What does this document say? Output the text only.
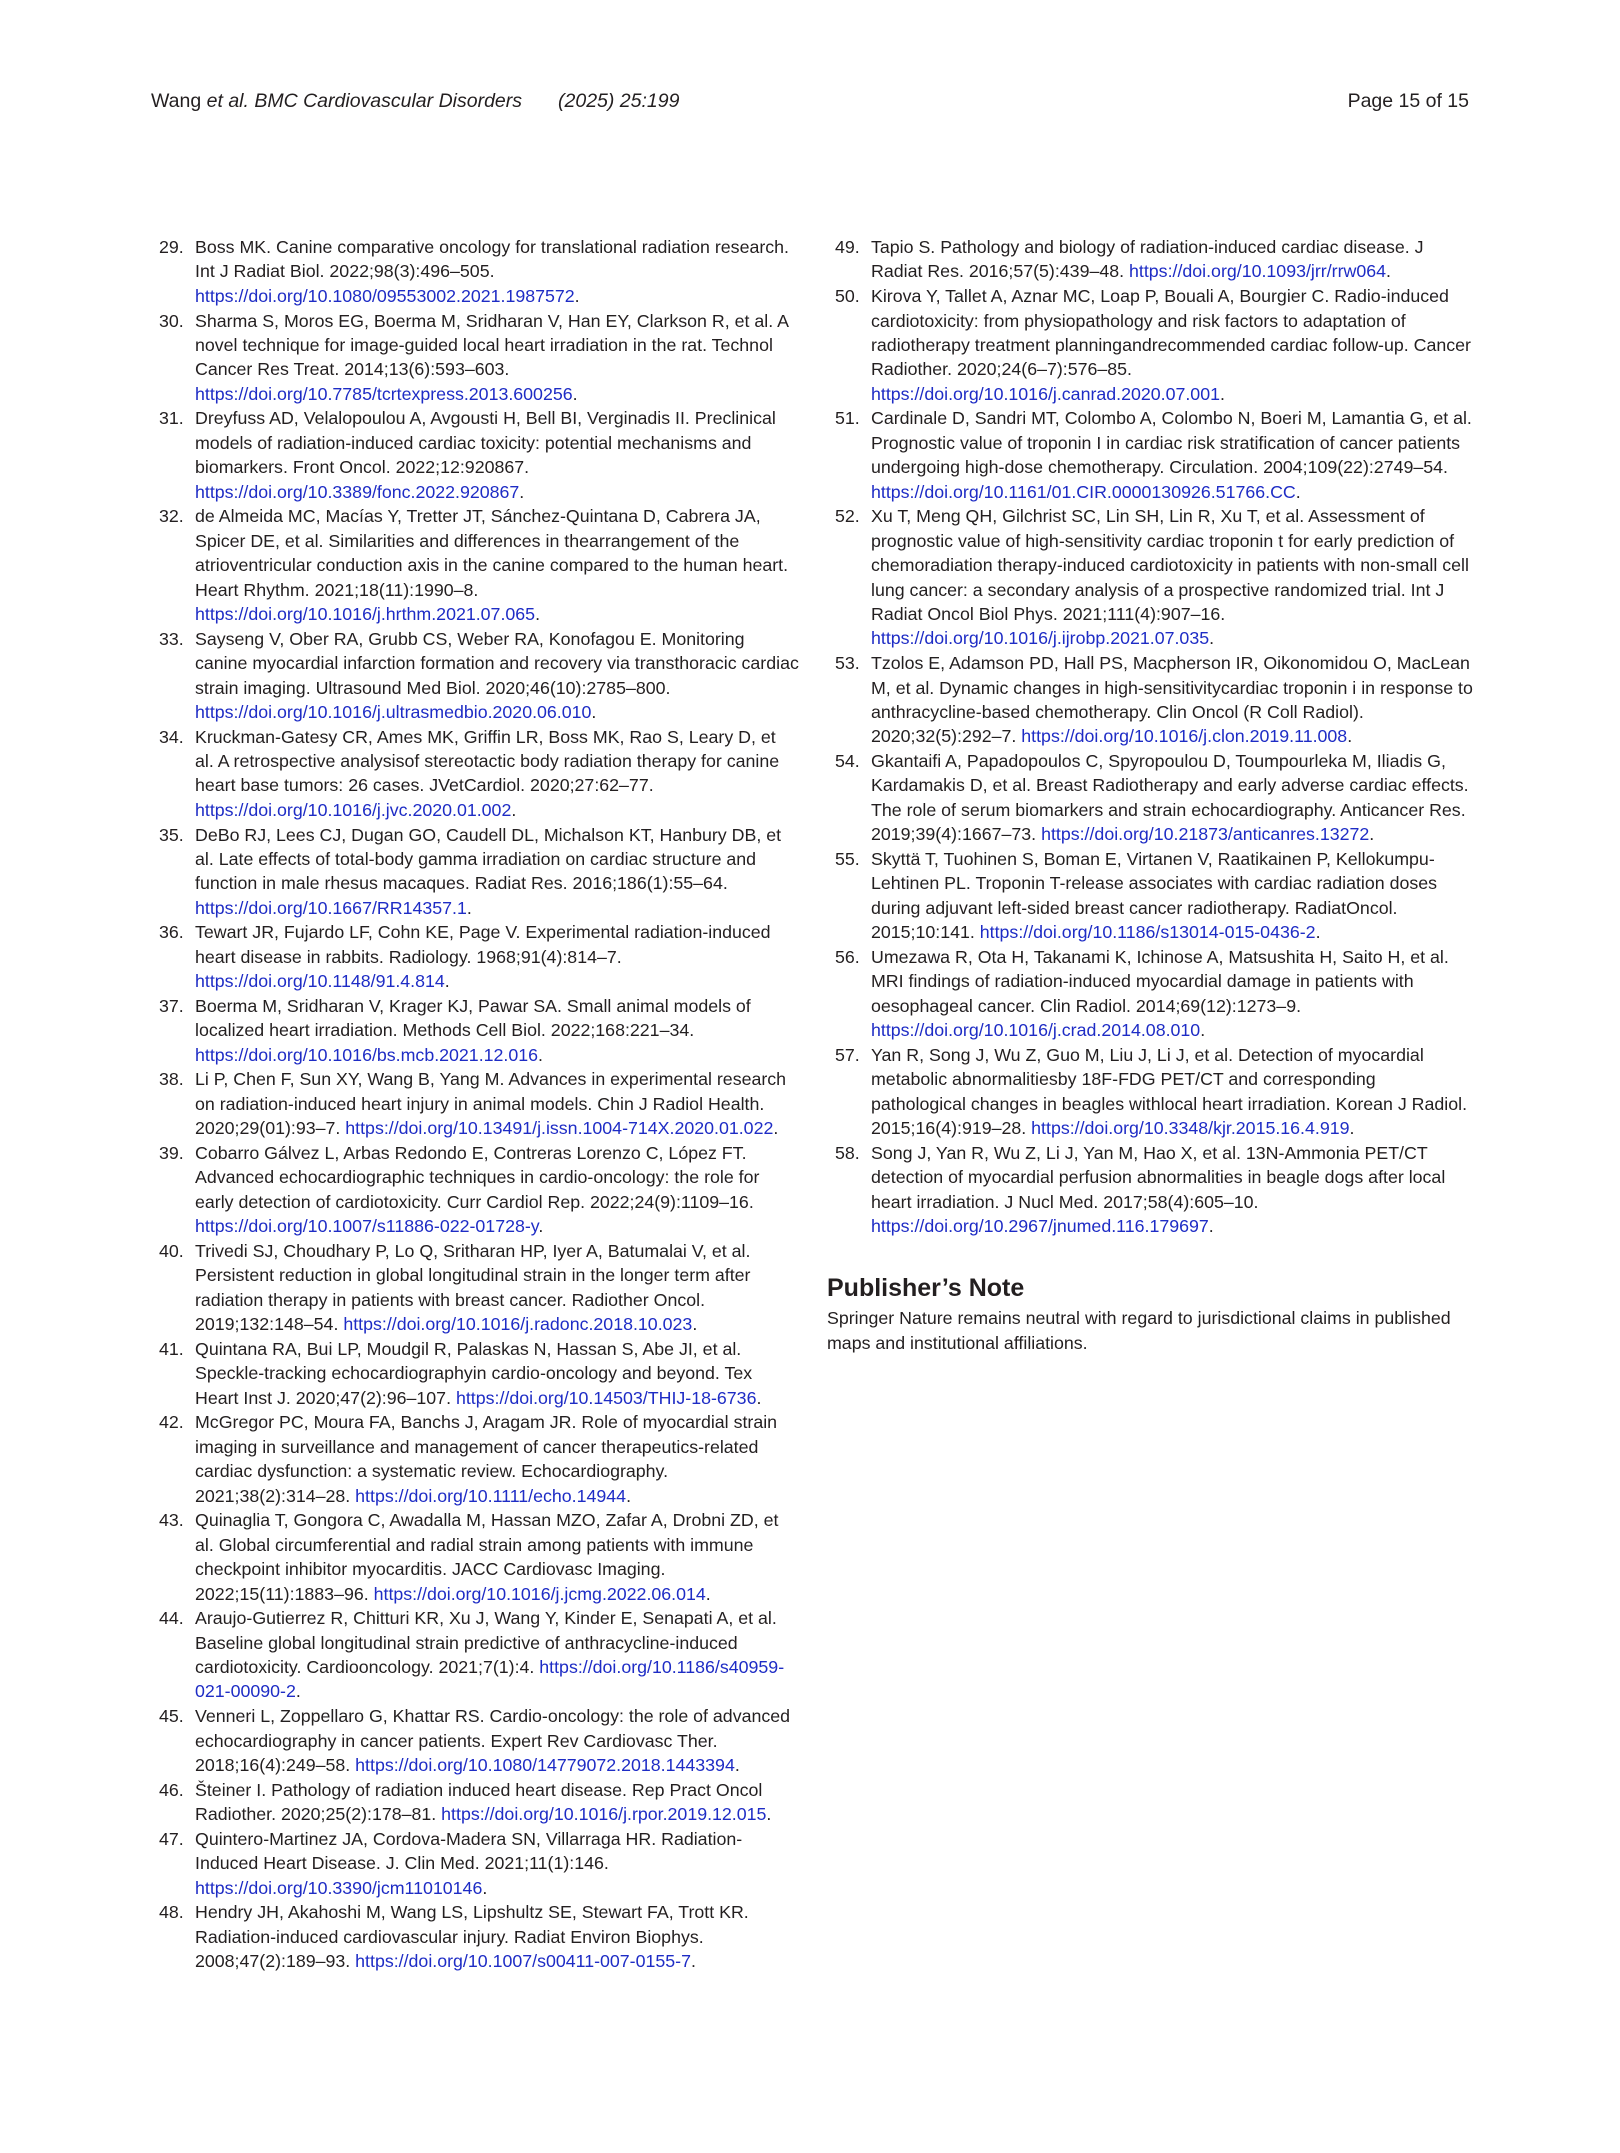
Wang et al. BMC Cardiovascular Disorders (2025) 25:199	Page 15 of 15
29. Boss MK. Canine comparative oncology for translational radiation research. Int J Radiat Biol. 2022;98(3):496–505. https://doi.org/10.1080/09553002.2021.1987572.
30. Sharma S, Moros EG, Boerma M, Sridharan V, Han EY, Clarkson R, et al. A novel technique for image-guided local heart irradiation in the rat. Technol Cancer Res Treat. 2014;13(6):593–603. https://doi.org/10.7785/tcrtexpress.2013.600256.
31. Dreyfuss AD, Velalopoulou A, Avgousti H, Bell BI, Verginadis II. Preclinical models of radiation-induced cardiac toxicity: potential mechanisms and biomarkers. Front Oncol. 2022;12:920867. https://doi.org/10.3389/fonc.2022.920867.
32. de Almeida MC, Macías Y, Tretter JT, Sánchez-Quintana D, Cabrera JA, Spicer DE, et al. Similarities and differences in thearrangement of the atrioventricular conduction axis in the canine compared to the human heart. Heart Rhythm. 2021;18(11):1990–8. https://doi.org/10.1016/j.hrthm.2021.07.065.
33. Sayseng V, Ober RA, Grubb CS, Weber RA, Konofagou E. Monitoring canine myocardial infarction formation and recovery via transthoracic cardiac strain imaging. Ultrasound Med Biol. 2020;46(10):2785–800. https://doi.org/10.1016/j.ultrasmedbio.2020.06.010.
34. Kruckman-Gatesy CR, Ames MK, Griffin LR, Boss MK, Rao S, Leary D, et al. A retrospective analysisof stereotactic body radiation therapy for canine heart base tumors: 26 cases. JVetCardiol. 2020;27:62–77. https://doi.org/10.1016/j.jvc.2020.01.002.
35. DeBo RJ, Lees CJ, Dugan GO, Caudell DL, Michalson KT, Hanbury DB, et al. Late effects of total-body gamma irradiation on cardiac structure and function in male rhesus macaques. Radiat Res. 2016;186(1):55–64. https://doi.org/10.1667/RR14357.1.
36. Tewart JR, Fujardo LF, Cohn KE, Page V. Experimental radiation-induced heart disease in rabbits. Radiology. 1968;91(4):814–7. https://doi.org/10.1148/91.4.814.
37. Boerma M, Sridharan V, Krager KJ, Pawar SA. Small animal models of localized heart irradiation. Methods Cell Biol. 2022;168:221–34. https://doi.org/10.1016/bs.mcb.2021.12.016.
38. Li P, Chen F, Sun XY, Wang B, Yang M. Advances in experimental research on radiation-induced heart injury in animal models. Chin J Radiol Health. 2020;29(01):93–7. https://doi.org/10.13491/j.issn.1004-714X.2020.01.022.
39. Cobarro Gálvez L, Arbas Redondo E, Contreras Lorenzo C, López FT. Advanced echocardiographic techniques in cardio-oncology: the role for early detection of cardiotoxicity. Curr Cardiol Rep. 2022;24(9):1109–16. https://doi.org/10.1007/s11886-022-01728-y.
40. Trivedi SJ, Choudhary P, Lo Q, Sritharan HP, Iyer A, Batumalai V, et al. Persistent reduction in global longitudinal strain in the longer term after radiation therapy in patients with breast cancer. Radiother Oncol. 2019;132:148–54. https://doi.org/10.1016/j.radonc.2018.10.023.
41. Quintana RA, Bui LP, Moudgil R, Palaskas N, Hassan S, Abe JI, et al. Speckle-tracking echocardiographyin cardio-oncology and beyond. Tex Heart Inst J. 2020;47(2):96–107. https://doi.org/10.14503/THIJ-18-6736.
42. McGregor PC, Moura FA, Banchs J, Aragam JR. Role of myocardial strain imaging in surveillance and management of cancer therapeutics-related cardiac dysfunction: a systematic review. Echocardiography. 2021;38(2):314–28. https://doi.org/10.1111/echo.14944.
43. Quinaglia T, Gongora C, Awadalla M, Hassan MZO, Zafar A, Drobni ZD, et al. Global circumferential and radial strain among patients with immune checkpoint inhibitor myocarditis. JACC Cardiovasc Imaging. 2022;15(11):1883–96. https://doi.org/10.1016/j.jcmg.2022.06.014.
44. Araujo-Gutierrez R, Chitturi KR, Xu J, Wang Y, Kinder E, Senapati A, et al. Baseline global longitudinal strain predictive of anthracycline-induced cardiotoxicity. Cardiooncology. 2021;7(1):4. https://doi.org/10.1186/s40959-021-00090-2.
45. Venneri L, Zoppellaro G, Khattar RS. Cardio-oncology: the role of advanced echocardiography in cancer patients. Expert Rev Cardiovasc Ther. 2018;16(4):249–58. https://doi.org/10.1080/14779072.2018.1443394.
46. Šteiner I. Pathology of radiation induced heart disease. Rep Pract Oncol Radiother. 2020;25(2):178–81. https://doi.org/10.1016/j.rpor.2019.12.015.
47. Quintero-Martinez JA, Cordova-Madera SN, Villarraga HR. Radiation-Induced Heart Disease. J. Clin Med. 2021;11(1):146. https://doi.org/10.3390/jcm11010146.
48. Hendry JH, Akahoshi M, Wang LS, Lipshultz SE, Stewart FA, Trott KR. Radiation-induced cardiovascular injury. Radiat Environ Biophys. 2008;47(2):189–93. https://doi.org/10.1007/s00411-007-0155-7.
49. Tapio S. Pathology and biology of radiation-induced cardiac disease. J Radiat Res. 2016;57(5):439–48. https://doi.org/10.1093/jrr/rrw064.
50. Kirova Y, Tallet A, Aznar MC, Loap P, Bouali A, Bourgier C. Radio-induced cardiotoxicity: from physiopathology and risk factors to adaptation of radiotherapy treatment planningandrecommended cardiac follow-up. Cancer Radiother. 2020;24(6–7):576–85. https://doi.org/10.1016/j.canrad.2020.07.001.
51. Cardinale D, Sandri MT, Colombo A, Colombo N, Boeri M, Lamantia G, et al. Prognostic value of troponin I in cardiac risk stratification of cancer patients undergoing high-dose chemotherapy. Circulation. 2004;109(22):2749–54. https://doi.org/10.1161/01.CIR.0000130926.51766.CC.
52. Xu T, Meng QH, Gilchrist SC, Lin SH, Lin R, Xu T, et al. Assessment of prognostic value of high-sensitivity cardiac troponin t for early prediction of chemoradiation therapy-induced cardiotoxicity in patients with non-small cell lung cancer: a secondary analysis of a prospective randomized trial. Int J Radiat Oncol Biol Phys. 2021;111(4):907–16. https://doi.org/10.1016/j.ijrobp.2021.07.035.
53. Tzolos E, Adamson PD, Hall PS, Macpherson IR, Oikonomidou O, MacLean M, et al. Dynamic changes in high-sensitivitycardiac troponin i in response to anthracycline-based chemotherapy. Clin Oncol (R Coll Radiol). 2020;32(5):292–7. https://doi.org/10.1016/j.clon.2019.11.008.
54. Gkantaifi A, Papadopoulos C, Spyropoulou D, Toumpourleka M, Iliadis G, Kardamakis D, et al. Breast Radiotherapy and early adverse cardiac effects. The role of serum biomarkers and strain echocardiography. Anticancer Res. 2019;39(4):1667–73. https://doi.org/10.21873/anticanres.13272.
55. Skyttä T, Tuohinen S, Boman E, Virtanen V, Raatikainen P, Kellokumpu-Lehtinen PL. Troponin T-release associates with cardiac radiation doses during adjuvant left-sided breast cancer radiotherapy. RadiatOncol. 2015;10:141. https://doi.org/10.1186/s13014-015-0436-2.
56. Umezawa R, Ota H, Takanami K, Ichinose A, Matsushita H, Saito H, et al. MRI findings of radiation-induced myocardial damage in patients with oesophageal cancer. Clin Radiol. 2014;69(12):1273–9. https://doi.org/10.1016/j.crad.2014.08.010.
57. Yan R, Song J, Wu Z, Guo M, Liu J, Li J, et al. Detection of myocardial metabolic abnormalitiesby 18F-FDG PET/CT and corresponding pathological changes in beagles withlocal heart irradiation. Korean J Radiol. 2015;16(4):919–28. https://doi.org/10.3348/kjr.2015.16.4.919.
58. Song J, Yan R, Wu Z, Li J, Yan M, Hao X, et al. 13N-Ammonia PET/CT detection of myocardial perfusion abnormalities in beagle dogs after local heart irradiation. J Nucl Med. 2017;58(4):605–10. https://doi.org/10.2967/jnumed.116.179697.
Publisher’s Note

Springer Nature remains neutral with regard to jurisdictional claims in published maps and institutional affiliations.
